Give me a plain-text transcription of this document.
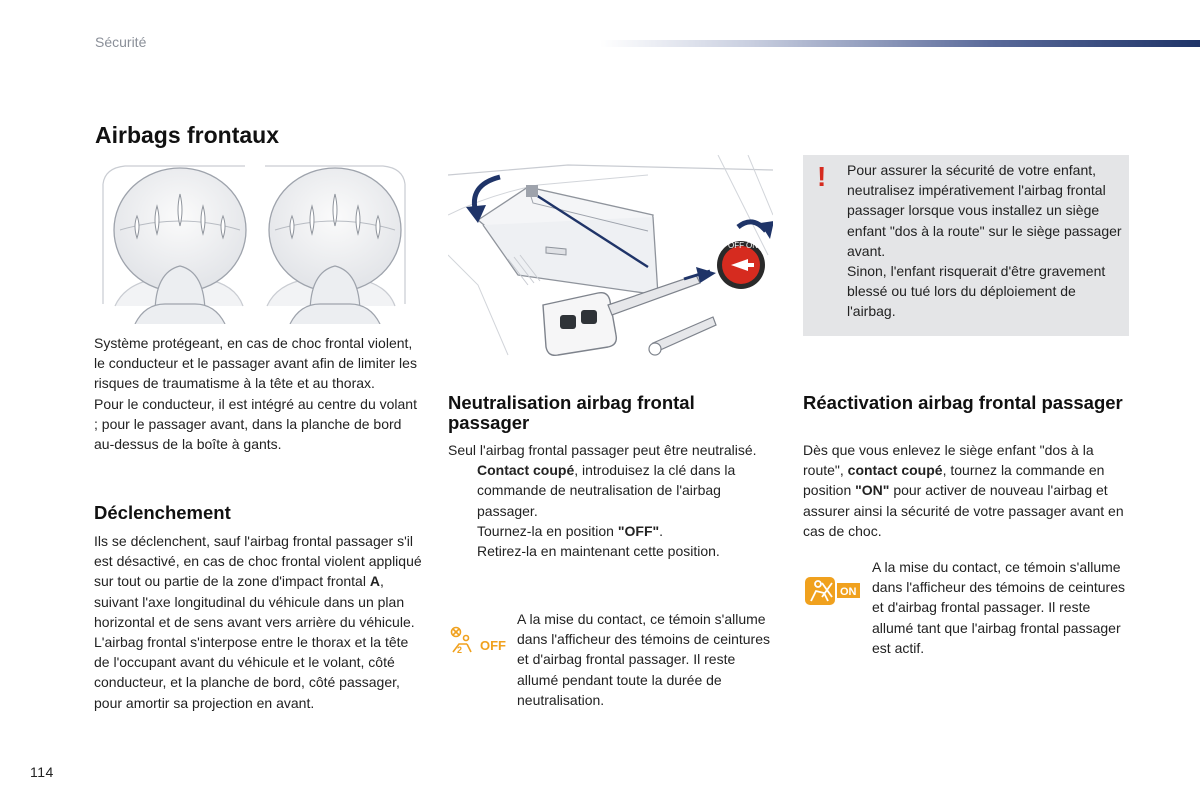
Sécurité
Airbags frontaux
OFF ON

Système protégeant, en cas de choc frontal violent, le conducteur et le passager avant afin de limiter les risques de traumatisme à la tête et au thorax.

Pour le conducteur, il est intégré au centre du volant ; pour le passager avant, dans la planche de bord au-dessus de la boîte à gants.

Déclenchement

Ils se déclenchent, sauf l'airbag frontal passager s'il est désactivé, en cas de choc frontal violent appliqué sur tout ou partie de la zone d'impact frontal A, suivant l'axe longitudinal du véhicule dans un plan horizontal et de sens avant vers arrière du véhicule.

L'airbag frontal s'interpose entre le thorax et la tête de l'occupant avant du véhicule et le volant, côté conducteur, et la planche de bord, côté passager, pour amortir sa projection en avant.

! Pour assurer la sécurité de votre enfant, neutralisez impérativement l'airbag frontal passager lorsque vous installez un siège enfant "dos à la route" sur le siège passager avant.

Sinon, l'enfant risquerait d'être gravement blessé ou tué lors du déploiement de l'airbag.

Neutralisation airbag frontal passager

Seul l'airbag frontal passager peut être neutralisé.

Contact coupé, introduisez la clé dans la commande de neutralisation de l'airbag passager.
Tournez-la en position "OFF".
Retirez-la en maintenant cette position.
2 OFF
A la mise du contact, ce témoin s'allume dans l'afficheur des témoins de ceintures et d'airbag frontal passager. Il reste allumé pendant toute la durée de neutralisation.
Réactivation airbag frontal passager

Dès que vous enlevez le siège enfant "dos à la route", contact coupé, tournez la commande en position "ON" pour activer de nouveau l'airbag et assurer ainsi la sécurité de votre passager avant en cas de choc.

ON
A la mise du contact, ce témoin s'allume dans l'afficheur des témoins de ceintures et d'airbag frontal passager. Il reste allumé tant que l'airbag frontal passager est actif.
114
